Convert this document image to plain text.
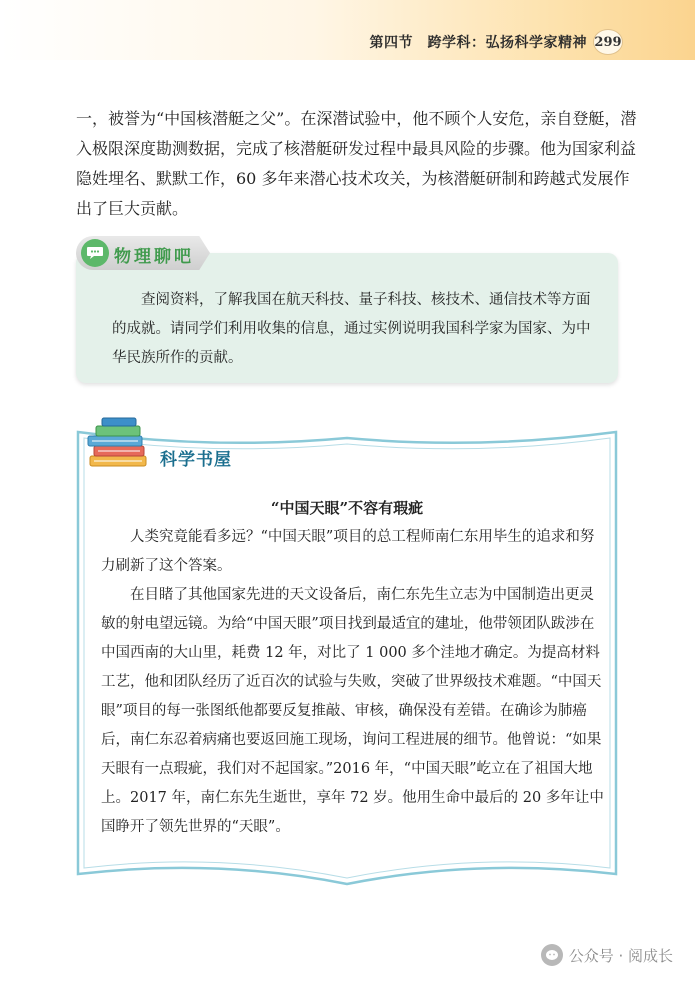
第四节　跨学科：弘扬科学家精神 299

一，被誉为“中国核潜艇之父”。在深潜试验中，他不顾个人安危，亲自登艇，潜入极限深度勘测数据，完成了核潜艇研发过程中最具风险的步骤。他为国家利益隐姓埋名、默默工作，60 多年来潜心技术攻关，为核潜艇研制和跨越式发展作出了巨大贡献。

物理聊吧

查阅资料，了解我国在航天科技、量子科技、核技术、通信技术等方面的成就。请同学们利用收集的信息，通过实例说明我国科学家为国家、为中华民族所作的贡献。

科学书屋
“中国天眼”不容有瑕疵

人类究竟能看多远？“中国天眼”项目的总工程师南仁东用毕生的追求和努力刷新了这个答案。

在目睹了其他国家先进的天文设备后，南仁东先生立志为中国制造出更灵敏的射电望远镜。为给“中国天眼”项目找到最适宜的建址，他带领团队跋涉在中国西南的大山里，耗费 12 年，对比了 1 000 多个洼地才确定。为提高材料工艺，他和团队经历了近百次的试验与失败，突破了世界级技术难题。“中国天眼”项目的每一张图纸他都要反复推敲、审核，确保没有差错。在确诊为肺癌后，南仁东忍着病痛也要返回施工现场，询问工程进展的细节。他曾说：“如果天眼有一点瑕疵，我们对不起国家。”2016 年，“中国天眼”屹立在了祖国大地上。2017 年，南仁东先生逝世，享年 72 岁。他用生命中最后的 20 多年让中国睁开了领先世界的“天眼”。

公众号 · 阅成长
